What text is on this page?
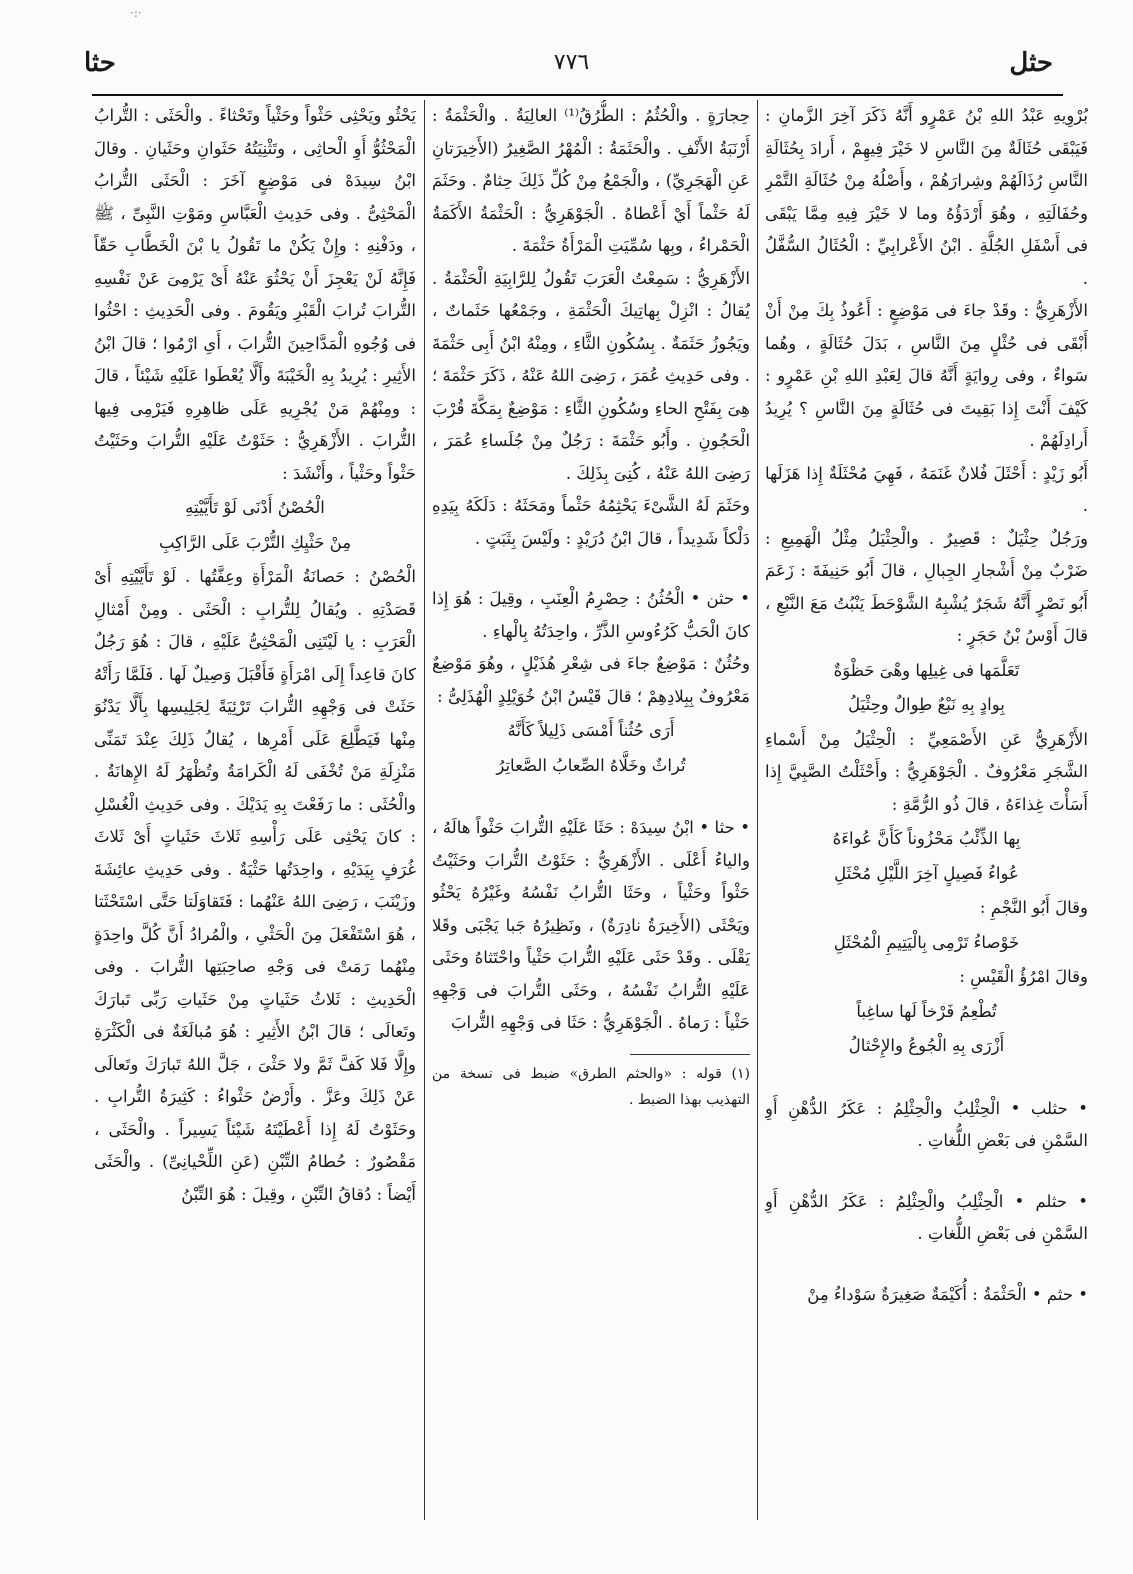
·:·
حثل
٧٧٦
حثا

بُرْوِيهِ عَبْدُ اللهِ بْنُ عَمْرٍو أَنَّهُ ذَكَرَ آخِرَ الزَّمانِ : فَيَبْقَى حُثَالَةٌ مِنَ النَّاسِ لا خَيْرَ فِيهِمْ ، أَرادَ بِحُثَالَةِ النَّاسِ رُذَالَهُمْ وشِرارَهُمْ ، وأَصْلُهُ مِنْ حُثَالَةِ التَّمْرِ وحُفَالَتِهِ ، وهُوَ أَرْدَؤُهُ وما لا خَيْرَ فِيهِ مِمَّا يَبْقَى فى أَسْفَلِ الجُلَّةِ . ابْنُ الأَعْرابِيِّ : الْحُثَالُ السُّفَّلُ .

الأَزْهَرِيُّ : وقَدْ جاءَ فى مَوْضِعٍ : أَعُوذُ بِكَ مِنْ أَنْ أَبْقَى فى حُثْلٍ مِنَ النَّاسِ ، بَدَلَ حُثَالَةٍ ، وهُما سَواءٌ ، وفى رِوايَةٍ أَنَّهُ قالَ لِعَبْدِ اللهِ بْنِ عَمْرٍو : كَيْفَ أَنْتَ إِذا بَقِيتَ فى حُثَالَةٍ مِنَ النَّاسِ ؟ يُرِيدُ أَرادِلَهُمْ .

أَبُو زَيْدٍ : أَحْثَلَ فُلانٌ غَنَمَهُ ، فَهِيَ مُحْثَلَةٌ إِذا هَزَلَها .

ورَجُلٌ حِثْيَلٌ : قَصِيرٌ . والْحِثْيَلُ مِثْلُ الْهَمِيعِ : ضَرْبٌ مِنْ أَشْجارِ الجِبالِ ، قالَ أَبُو حَنِيفَةَ : زَعَمَ أَبُو نَصْرٍ أَنَّهُ شَجَرٌ يُشْبِهُ الشَّوْحَطَ يَنْبُتُ مَعَ النَّبْعِ ، قالَ أَوْسُ بْنُ حَجَرٍ :

تَعَلَّمَها فى غِيلِها وهْىَ حَظْوَةٌ

بِوادٍ بِهِ نَبْعٌ طِوالٌ وحِثْيَلُ

الأَزْهَرِيُّ عَنِ الأَصْمَعِيِّ : الْحِثْيَلُ مِنْ أَسْماءِ الشَّجَرِ مَعْرُوفٌ . الْجَوْهَرِيُّ : وأَحْثَلْتُ الصَّبِيَّ إِذا أَسَأْتَ غِذاءَهُ ، قالَ ذُو الرُّمَّةِ :

بِها الذِّئْبُ مَحْزُوناً كَأَنَّ عُواءَهُ

عُواءُ فَصِيلٍ آخِرَ اللَّيْلِ مُحْثَلِ

وقالَ أَبُو النَّجْمِ :

خَوْصاءُ تَرْمِى بِالْيَتِيمِ الْمُحْثَلِ

وقالَ امْرُؤُ الْقَيْسِ :

تُطْعِمُ فَرْخاً لَها ساغِباً

أَزْرَى بِهِ الْجُوعُ والإِحْثالُ

• حثلب • الْحِثْلِبُ والْحِثْلِمُ : عَكَرُ الدُّهْنِ أَوِ السَّمْنِ فى بَعْضِ اللُّغاتِ .

• حثلم • الْحِثْلِبُ والْحِثْلِمُ : عَكَرُ الدُّهْنِ أَوِ السَّمْنِ فى بَعْضِ اللُّغاتِ .

• حثم • الْحَثْمَةُ : أُكَيْمَةٌ صَغِيرَةٌ سَوْداءُ مِنْ

حِجارَةٍ . والْحُثُمُ : الطُّرُقُ⁽¹⁾ العالِيَةُ . والْحَثْمَةُ : أَرْنَبَةُ الأَنْفِ . والْحَثَمَةُ : الْمُهْرُ الصَّغِيرُ (الأَخِيرَتانِ عَنِ الْهَجَرِيِّ) ، والْجَمْعُ مِنْ كُلِّ ذَلِكَ حِثامٌ . وحَثَمَ لَهُ حَثْماً أَيْ أَعْطاهُ . الْجَوْهَرِيُّ : الْحَثْمَةُ الأَكَمَةُ الْحَمْراءُ ، وبِها سُمِّيَتِ الْمَرْأَةُ حَثْمَةَ .

الأَزْهَرِيُّ : سَمِعْتُ الْعَرَبَ تَقُولُ لِلرَّابِيَةِ الْحَثْمَةُ . يُقالُ : انْزِلْ بِهاتِيكَ الْحَثْمَةِ ، وجَمْعُها حَثَماتٌ ، ويَجُوزُ حَثَمَةٌ . بِسُكُونِ الثَّاءِ ، ومِنْهُ ابْنُ أَبِى حَثْمَةَ . وفى حَدِيثِ عُمَرَ ، رَضِىَ اللهُ عَنْهُ ، ذَكَرَ حَثْمَةَ ؛ هِىَ بِفَتْحِ الحاءِ وسُكُونِ الثَّاءِ : مَوْضِعٌ بِمَكَّةَ قُرْبَ الْحَجُونِ . وأَبُو حَثْمَةَ : رَجُلٌ مِنْ جُلَساءِ عُمَرَ ، رَضِىَ اللهُ عَنْهُ ، كُنِىَ بِذَلِكَ .

وحَثَمَ لَهُ الشَّىْءَ يَحْثِمُهُ حَثْماً ومَحَثَهُ : دَلَكَهُ بِيَدِهِ دَلْكاً شَدِيداً ، قالَ ابْنُ دُرَيْدٍ : ولَيْسَ بِثَبَتٍ .

• حثن • الْحُثُنُ : حِصْرِمُ الْعِنَبِ ، وقِيلَ : هُوَ إِذا كانَ الْحَبُّ كَرُءُوسِ الذَّرِّ ، واحِدَتُهُ بِالْهاءِ .

وحُثُنٌ : مَوْضِعٌ جاءَ فى شِعْرِ هُذَيْلٍ ، وهُوَ مَوْضِعٌ مَعْرُوفٌ بِبِلادِهِمْ ؛ قالَ قَيْسُ ابْنُ خُوَيْلِدٍ الْهُذَلِىُّ :

أَرَى حُثُناً أَمْسَى ذَلِيلاً كَأَنَّهُ

تُراثٌ وخَلَّاهُ الصِّعابُ الصَّعاتِرُ

• حثا • ابْنُ سِيدَهْ : حَثَا عَلَيْهِ التُّرابَ حَثْواً هالَهُ ، والياءُ أَعْلَى . الأَزْهَرِيُّ : حَثَوْتُ التُّرابَ وحَثَيْتُ حَثْواً وحَثْياً ، وحَثَا التُّرابُ نَفْسُهُ وغَيْرُهُ يَحْثُو ويَحْثَى (الأَخِيرَةُ نادِرَةٌ) ، ونَظِيرُهُ جَبا يَجْبَى وقَلا يَقْلَى . وقَدْ حَثَى عَلَيْهِ التُّرابَ حَثْياً واحْتَثاهُ وحَثَى عَلَيْهِ التُّرابُ نَفْسُهُ ، وحَثَى التُّرابَ فى وَجْهِهِ حَثْياً : رَماهُ . الْجَوْهَرِيُّ : حَثَا فى وَجْهِهِ التُّرابَ

(١) قوله : «والحثم الطرق» ضبط فى نسخة من التهذيب بهذا الضبط .

يَحْثُو ويَحْثِى حَثْواً وحَثْياً وتَحْثاءً . والْحَثَى : التُّرابُ الْمَحْثُوُّ أَوِ الْحاثِى ، وتَثْنِيَتُهُ حَثَوانِ وحَثَيانِ . وقالَ ابْنُ سِيدَهْ فى مَوْضِعٍ آخَرَ : الْحَثَى التُّرابُ الْمَحْثِىُّ . وفى حَدِيثِ الْعَبَّاسِ ومَوْتِ النَّبِىِّ ، ﷺ ، ودَفْنِهِ : وإِنْ يَكُنْ ما تَقُولُ يا بْنَ الْخَطَّابِ حَقّاً فَإِنَّهُ لَنْ يَعْجِزَ أَنْ يَحْثُوَ عَنْهُ أَىْ يَرْمِىَ عَنْ نَفْسِهِ التُّرابَ تُرابَ الْقَبْرِ ويَقُومَ . وفى الْحَدِيثِ : احْثُوا فى وُجُوهِ الْمَدَّاحِينَ التُّرابَ ، أَىِ ارْمُوا ؛ قالَ ابْنُ الأَثِيرِ : يُرِيدُ بِهِ الْخَيْبَةَ وأَلَّا يُعْطَوا عَلَيْهِ شَيْئاً ، قالَ : ومِنْهُمْ مَنْ يُجْرِيهِ عَلَى ظاهِرِهِ فَيَرْمِى فِيها التُّرابَ . الأَزْهَرِيُّ : حَثَوْتُ عَلَيْهِ التُّرابَ وحَثَيْتُ حَثْواً وحَثْياً ، وأَنْشَدَ :

الْحُصْنُ أَدْنَى لَوْ تَأَيَّيْتِهِ

مِنْ حَثْيِكِ التُّرْبَ عَلَى الرَّاكِبِ

الْحُصْنُ : حَصانَةُ الْمَرْأَةِ وعِفَّتُها . لَوْ تَأَيَّيْتِهِ أَىْ قَصَدْتِهِ . ويُقالُ لِلتُّرابِ : الْحَثَى . ومِنْ أَمْثالِ الْعَرَبِ : يا لَيْتَنِى الْمَحْثِىُّ عَلَيْهِ ، قالَ : هُوَ رَجُلٌ كانَ قاعِداً إِلَى امْرَأَةٍ فَأَقْبَلَ وَصِيلٌ لَها . فَلَمَّا رَأَتْهُ حَثَتْ فى وَجْهِهِ التُّرابَ تَرْئِيَةً لِجَلِيسِها بِأَلَّا يَدْنُوَ مِنْها فَيَطَّلِعَ عَلَى أَمْرِها ، يُقالُ ذَلِكَ عِنْدَ تَمَنِّى مَنْزِلَةِ مَنْ تُخْفَى لَهُ الْكَرامَةُ وتُظْهَرُ لَهُ الإِهانَةُ . والْحُثَى : ما رَفَعْتَ بِهِ يَدَيْكَ . وفى حَدِيثِ الْغُسْلِ : كانَ يَحْثِى عَلَى رَأْسِهِ ثَلاثَ حَثَياتٍ أَىْ ثَلاثَ غُرَفٍ بِيَدَيْهِ ، واحِدَتُها حَثْيَةٌ . وفى حَدِيثِ عائِشَةَ وزَيْنَبَ ، رَضِىَ اللهُ عَنْهُما : فَتَقاوَلَتا حَتَّى اسْتَحْثَتا ، هُوَ اسْتَفْعَلَ مِنَ الْحَثْىِ ، والْمُرادُ أَنَّ كُلَّ واحِدَةٍ مِنْهُما رَمَتْ فى وَجْهِ صاحِبَتِها التُّرابَ . وفى الْحَدِيثِ : ثَلاثُ حَثَياتٍ مِنْ حَثَياتِ رَبِّى تَبارَكَ وتَعالَى ؛ قالَ ابْنُ الأَثِيرِ : هُوَ مُبالَغَةٌ فى الْكَثْرَةِ وإِلَّا فَلا كَفَّ ثَمَّ ولا حَثْىَ ، جَلَّ اللهُ تَبارَكَ وتَعالَى عَنْ ذَلِكَ وعَزَّ . وأَرْضٌ حَثْواءُ : كَثِيرَةُ التُّرابِ . وحَثَوْتُ لَهُ إِذا أَعْطَيْتَهُ شَيْئاً يَسِيراً . والْحَثَى ، مَقْصُورٌ : حُطامُ التِّبْنِ (عَنِ اللِّحْيانِىِّ) . والْحَثَى أَيْضاً : دُقاقُ التِّبْنِ ، وقِيلَ : هُوَ التِّبْنُ
